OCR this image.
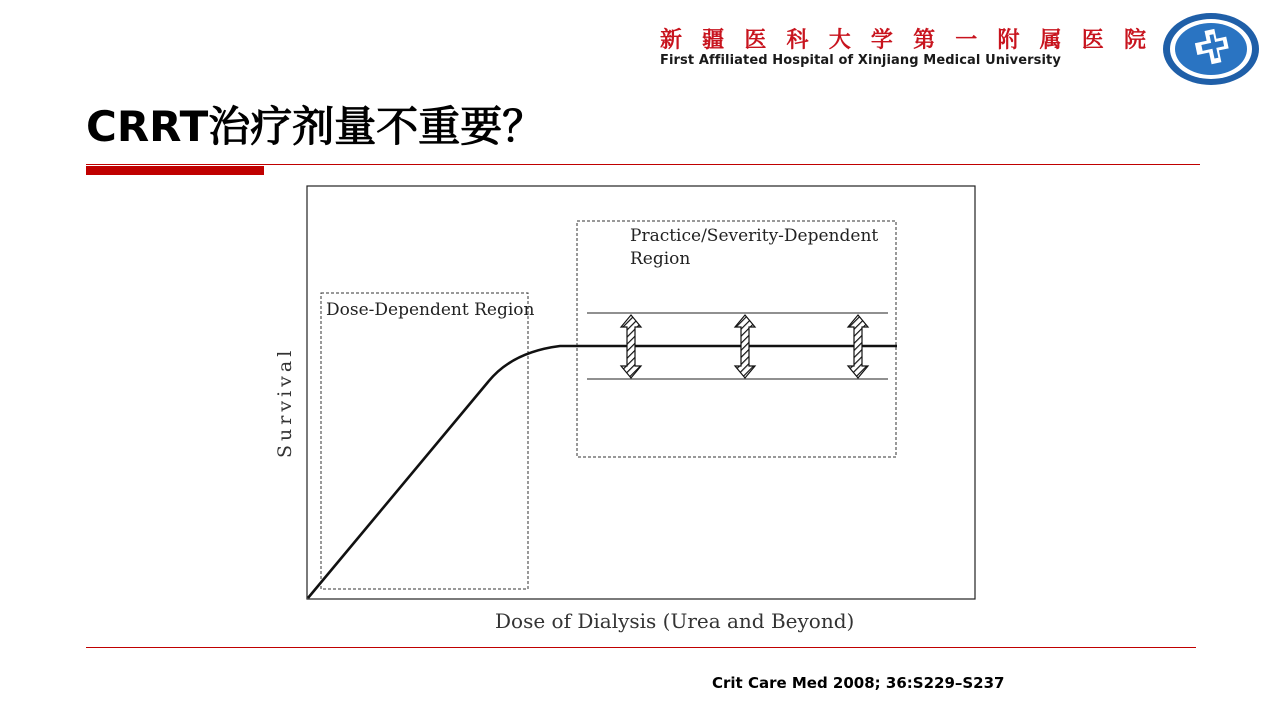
新疆医科大学第一附属医院
First Affiliated Hospital of Xinjiang Medical University
CRRT治疗剂量不重要？
Dose-Dependent Region
Practice/Severity-Dependent
Region
Survival
Dose of Dialysis (Urea and Beyond)
Crit Care Med 2008; 36:S229–S237
